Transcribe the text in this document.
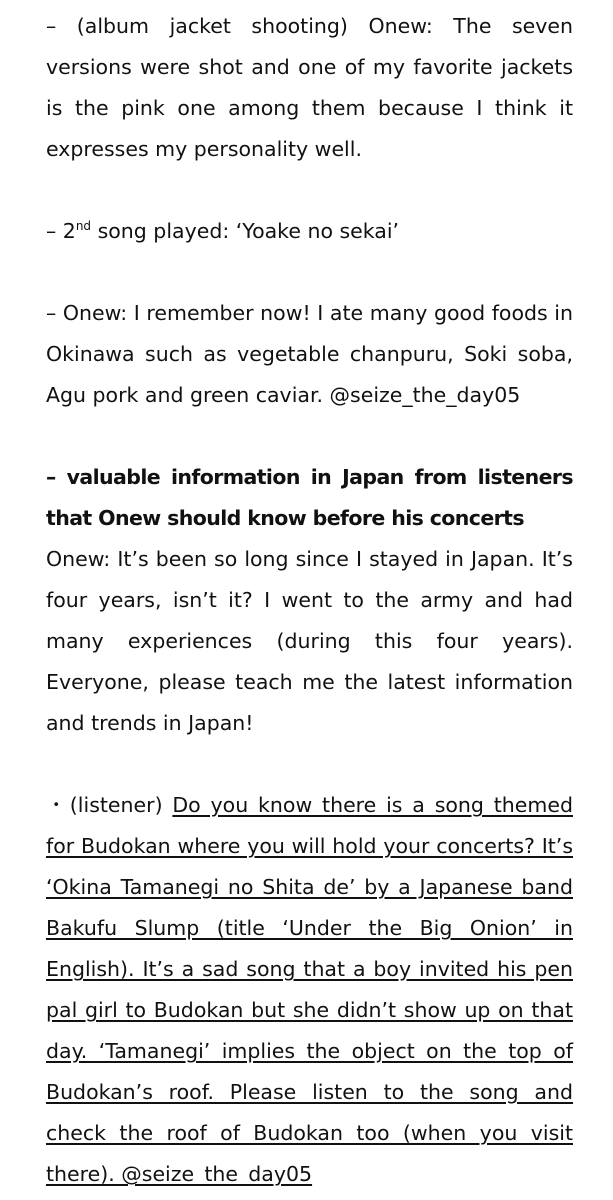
– (album jacket shooting) Onew: The seven versions were shot and one of my favorite jackets is the pink one among them because I think it expresses my personality well.

– 2nd song played: ‘Yoake no sekai’

– Onew: I remember now! I ate many good foods in Okinawa such as vegetable chanpuru, Soki soba, Agu pork and green caviar. @seize_the_day05

– valuable information in Japan from listeners that Onew should know before his concerts

Onew: It’s been so long since I stayed in Japan. It’s four years, isn’t it? I went to the army and had many experiences (during this four years). Everyone, please teach me the latest information and trends in Japan!

・(listener) Do you know there is a song themed for Budokan where you will hold your concerts? It’s ‘Okina Tamanegi no Shita de’ by a Japanese band Bakufu Slump (title ‘Under the Big Onion’ in English). It’s a sad song that a boy invited his pen pal girl to Budokan but she didn’t show up on that day. ‘Tamanegi’ implies the object on the top of Budokan’s roof. Please listen to the song and check the roof of Budokan too (when you visit there). @seize_the_day05
